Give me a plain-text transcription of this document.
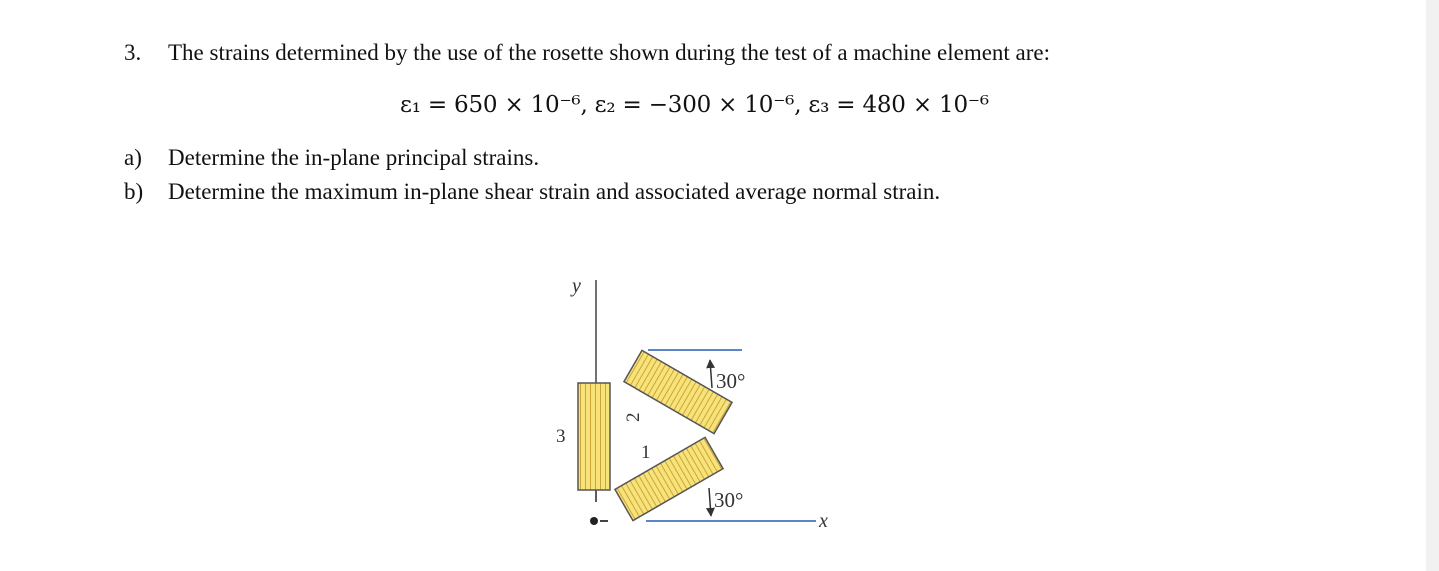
3. The strains determined by the use of the rosette shown during the test of a machine element are:
ε₁ = 650 × 10⁻⁶, ε₂ = −300 × 10⁻⁶, ε₃ = 480 × 10⁻⁶
a) Determine the in-plane principal strains.
b) Determine the maximum in-plane shear strain and associated average normal strain.
y
x
3
2
1
30°
30°
